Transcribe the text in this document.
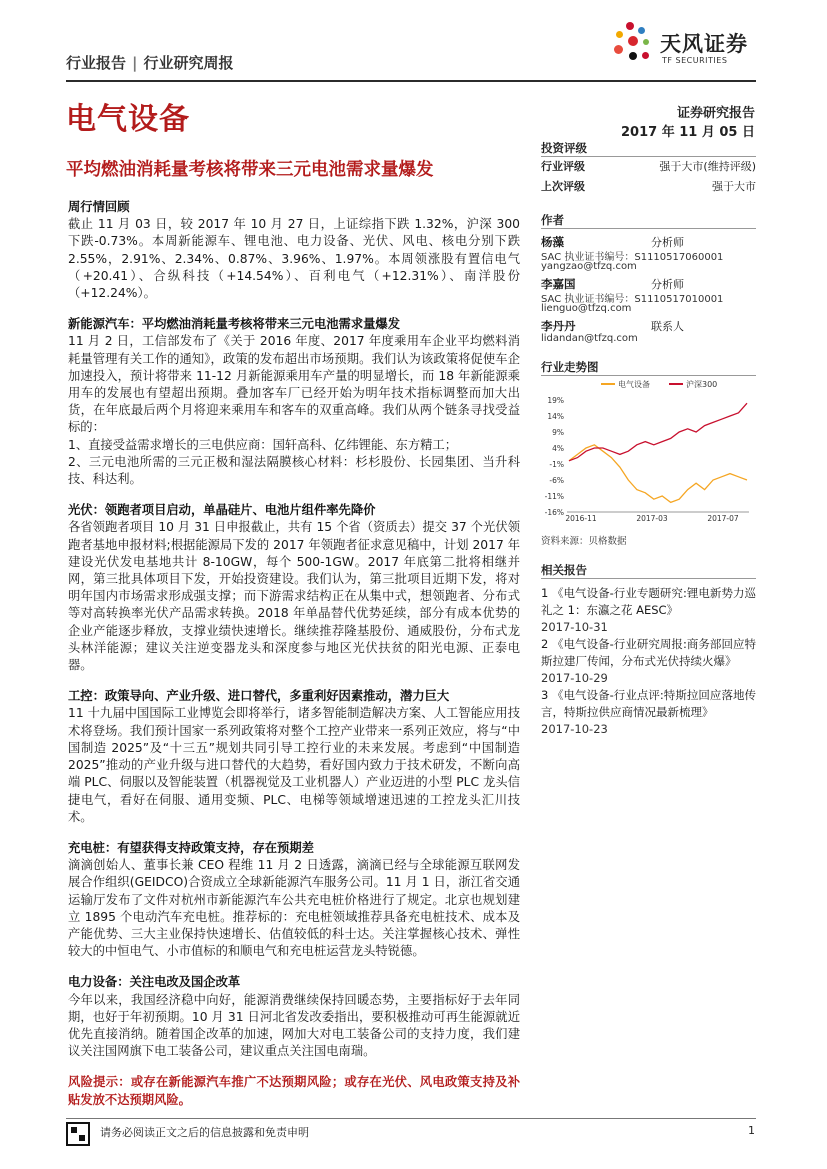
天风证券
TF SECURITIES
行业报告 | 行业研究周报
电气设备	证券研究报告
2017 年 11 月 05 日
平均燃油消耗量考核将带来三元电池需求量爆发
周行情回顾

截止 11 月 03 日，较 2017 年 10 月 27 日，上证综指下跌 1.32%，沪深 300 下跌-0.73%。本周新能源车、锂电池、电力设备、光伏、风电、核电分别下跌 2.55%，2.91%、2.34%、0.87%、3.96%、1.97%。本周领涨股有置信电气（+20.41）、合纵科技（+14.54%）、百利电气（+12.31%）、南洋股份（+12.24%）。

新能源汽车：平均燃油消耗量考核将带来三元电池需求量爆发

11 月 2 日，工信部发布了《关于 2016 年度、2017 年度乘用车企业平均燃料消耗量管理有关工作的通知》，政策的发布超出市场预期。我们认为该政策将促使车企加速投入，预计将带来 11-12 月新能源乘用车产量的明显增长，而 18 年新能源乘用车的发展也有望超出预期。叠加客车厂已经开始为明年技术指标调整而加大出货，在年底最后两个月将迎来乘用车和客车的双重高峰。我们从两个链条寻找受益标的：

1、直接受益需求增长的三电供应商：国轩高科、亿纬锂能、东方精工；

2、三元电池所需的三元正极和湿法隔膜核心材料：杉杉股份、长园集团、当升科技、科达利。

光伏：领跑者项目启动，单晶硅片、电池片组件率先降价

各省领跑者项目 10 月 31 日申报截止，共有 15 个省（资质去）提交 37 个光伏领跑者基地申报材料;根据能源局下发的 2017 年领跑者征求意见稿中，计划 2017 年建设光伏发电基地共计 8-10GW，每个 500-1GW。2017 年底第二批将相继并网，第三批具体项目下发，开始投资建设。我们认为，第三批项目近期下发，将对明年国内市场需求形成强支撑；而下游需求结构正在从集中式，想领跑者、分布式等对高转换率光伏产品需求转换。2018 年单晶替代优势延续，部分有成本优势的企业产能逐步释放，支撑业绩快速增长。继续推荐隆基股份、通威股份，分布式龙头林洋能源；建议关注逆变器龙头和深度参与地区光伏扶贫的阳光电源、正泰电器。

工控：政策导向、产业升级、进口替代，多重利好因素推动，潜力巨大

11 十九届中国国际工业博览会即将举行，诸多智能制造解决方案、人工智能应用技术将登场。我们预计国家一系列政策将对整个工控产业带来一系列正效应，将与“中国制造 2025”及“十三五”规划共同引导工控行业的未来发展。考虑到“中国制造 2025”推动的产业升级与进口替代的大趋势，看好国内致力于技术研发，不断向高端 PLC、伺服以及智能装置（机器视觉及工业机器人）产业迈进的小型 PLC 龙头信捷电气，看好在伺服、通用变频、PLC、电梯等领域增速迅速的工控龙头汇川技术。

充电桩：有望获得支持政策支持，存在预期差

滴滴创始人、董事长兼 CEO 程维 11 月 2 日透露，滴滴已经与全球能源互联网发展合作组织(GEIDCO)合资成立全球新能源汽车服务公司。11 月 1 日，浙江省交通运输厅发布了文件对杭州市新能源汽车公共充电桩价格进行了规定。北京也规划建立 1895 个电动汽车充电桩。推荐标的：充电桩领域推荐具备充电桩技术、成本及产能优势、三大主业保持快速增长、估值较低的科士达。关注掌握核心技术、弹性较大的中恒电气、小市值标的和顺电气和充电桩运营龙头特锐德。

电力设备：关注电改及国企改革

今年以来，我国经济稳中向好，能源消费继续保持回暖态势，主要指标好于去年同期，也好于年初预期。10 月 31 日河北省发改委指出，要积极推动可再生能源就近优先直接消纳。随着国企改革的加速，网加大对电工装备公司的支持力度，我们建议关注国网旗下电工装备公司，建议重点关注国电南瑞。

风险提示：或存在新能源汽车推广不达预期风险；或存在光伏、风电政策支持及补贴发放不达预期风险。

投资评级
行业评级	强于大市(维持评级)
上次评级	强于大市
作者
杨藻	分析师
SAC 执业证书编号：S1110517060001
yangzao@tfzq.com
李嘉国	分析师
SAC 执业证书编号：S1110517010001
lienguo@tfzq.com
李丹丹	联系人
lidandan@tfzq.com
行业走势图
19%
14%
9%
4%
-1%
-6%
-11%
-16%
2016-11	2017-03	2017-07
电气设备	沪深300
资料来源：贝格数据
相关报告
1 《电气设备-行业专题研究:锂电新势力巡礼之 1：东瀛之花 AESC》
2017-10-31
2 《电气设备-行业研究周报:商务部回应特斯拉建厂传闻，分布式光伏持续火爆》
2017-10-29
3 《电气设备-行业点评:特斯拉回应落地传言，特斯拉供应商情况最新梳理》
2017-10-23
请务必阅读正文之后的信息披露和免责申明	1
